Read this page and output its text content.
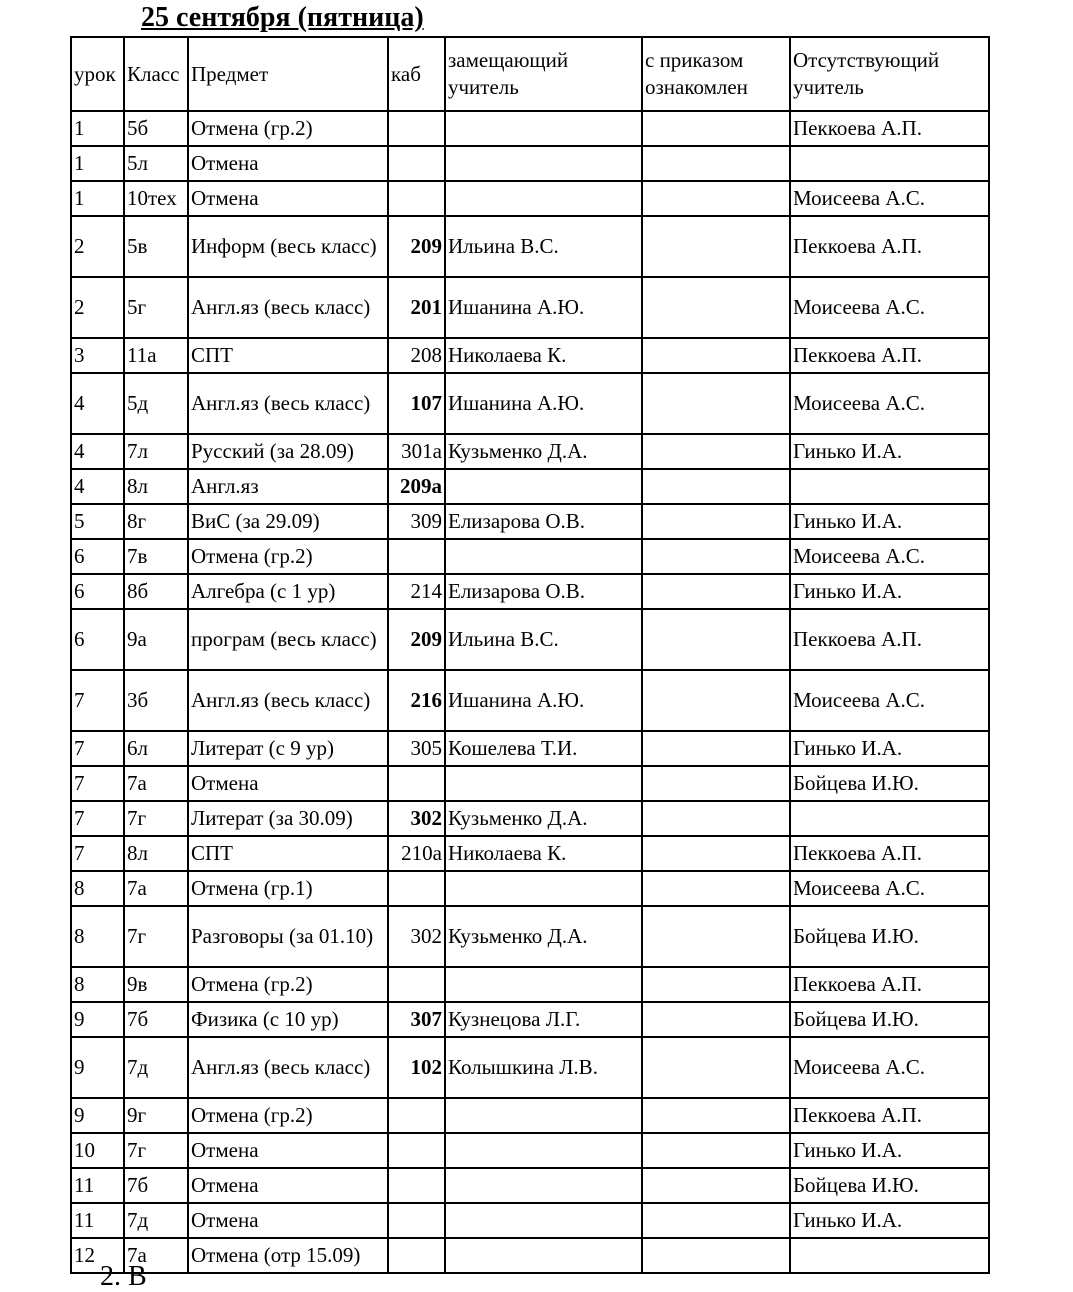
25 сентября (пятница)
урок	Класс	Предмет	каб	замещающий учитель	с приказом ознакомлен	Отсутствующий учитель
1	5б	Отмена (гр.2)				Пеккоева А.П.
1	5л	Отмена				
1	10тех	Отмена				Моисеева А.С.
2	5в	Информ (весь класс)	209	Ильина В.С.		Пеккоева А.П.
2	5г	Англ.яз (весь класс)	201	Ишанина А.Ю.		Моисеева А.С.
3	11а	СПТ	208	Николаева К.		Пеккоева А.П.
4	5д	Англ.яз (весь класс)	107	Ишанина А.Ю.		Моисеева А.С.
4	7л	Русский (за 28.09)	301а	Кузьменко Д.А.		Гинько И.А.
4	8л	Англ.яз	209а			
5	8г	ВиС (за 29.09)	309	Елизарова О.В.		Гинько И.А.
6	7в	Отмена (гр.2)				Моисеева А.С.
6	8б	Алгебра (с 1 ур)	214	Елизарова О.В.		Гинько И.А.
6	9а	програм (весь класс)	209	Ильина В.С.		Пеккоева А.П.
7	3б	Англ.яз (весь класс)	216	Ишанина А.Ю.		Моисеева А.С.
7	6л	Литерат (с 9 ур)	305	Кошелева Т.И.		Гинько И.А.
7	7а	Отмена				Бойцева И.Ю.
7	7г	Литерат (за 30.09)	302	Кузьменко Д.А.		
7	8л	СПТ	210а	Николаева К.		Пеккоева А.П.
8	7а	Отмена (гр.1)				Моисеева А.С.
8	7г	Разговоры (за 01.10)	302	Кузьменко Д.А.		Бойцева И.Ю.
8	9в	Отмена (гр.2)				Пеккоева А.П.
9	7б	Физика (с 10 ур)	307	Кузнецова Л.Г.		Бойцева И.Ю.
9	7д	Англ.яз (весь класс)	102	Колышкина Л.В.		Моисеева А.С.
9	9г	Отмена (гр.2)				Пеккоева А.П.
10	7г	Отмена				Гинько И.А.
11	7б	Отмена				Бойцева И.Ю.
11	7д	Отмена				Гинько И.А.
12	7а	Отмена (отр 15.09)				
2. В
